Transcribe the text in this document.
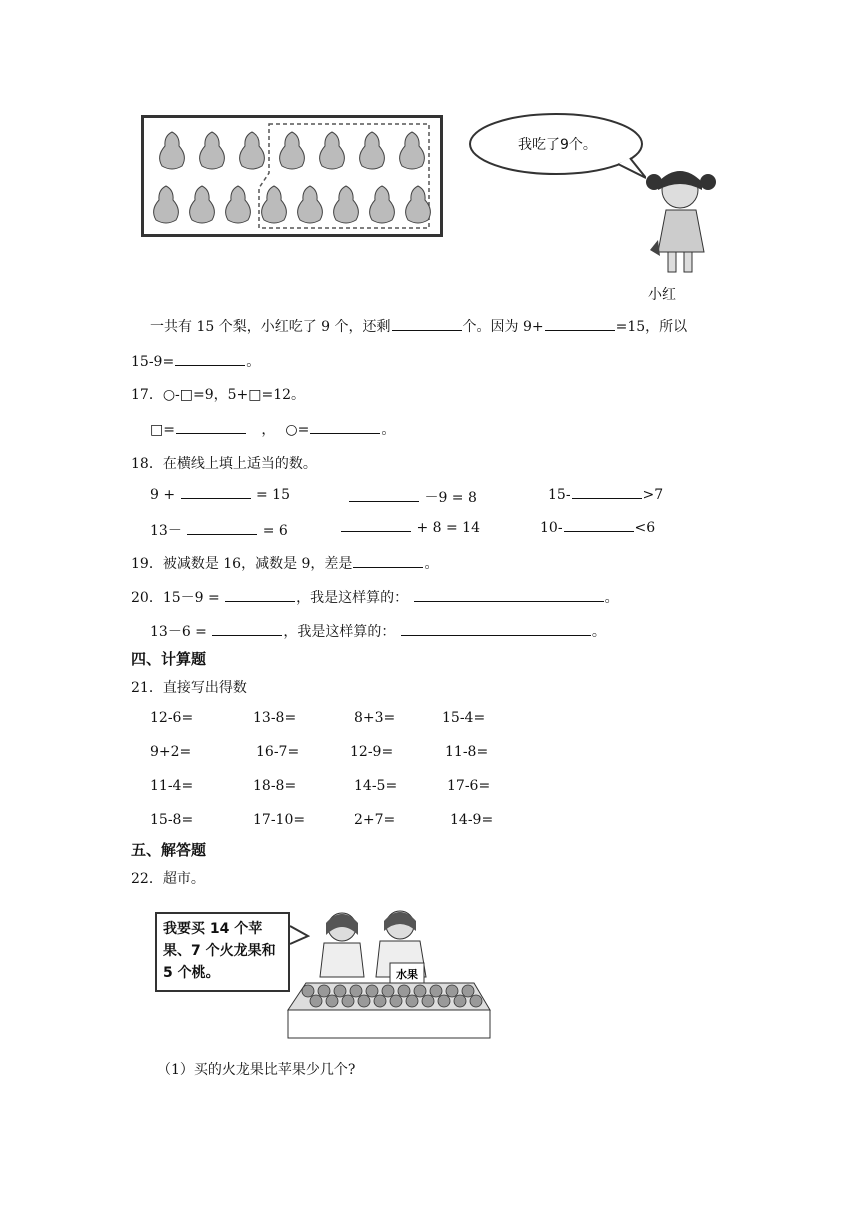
我吃了9个。
小红
一共有 15 个梨，小红吃了 9 个，还剩	个。因为 9+	=15，所以
15-9=	。
17．○-□=9，5+□=12。
□=	， ○=	。
18．在横线上填上适当的数。
9 +	= 15	－9 = 8	15-	>7
13－	= 6	+ 8 = 14	10-	<6
19．被减数是 16，减数是 9，差是	。
20．15－9 =	，我是这样算的：	。
13－6 =	，我是这样算的：	。
四、计算题
21．直接写出得数
12-6=	13-8=	8+3=	15-4=
9+2=	16-7=	12-9=	11-8=
11-4=	18-8=	14-5=	17-6=
15-8=	17-10=	2+7=	14-9=
五、解答题
22．超市。
我要买 14 个苹果、7 个火龙果和 5 个桃。	水果
（1）买的火龙果比苹果少几个?
